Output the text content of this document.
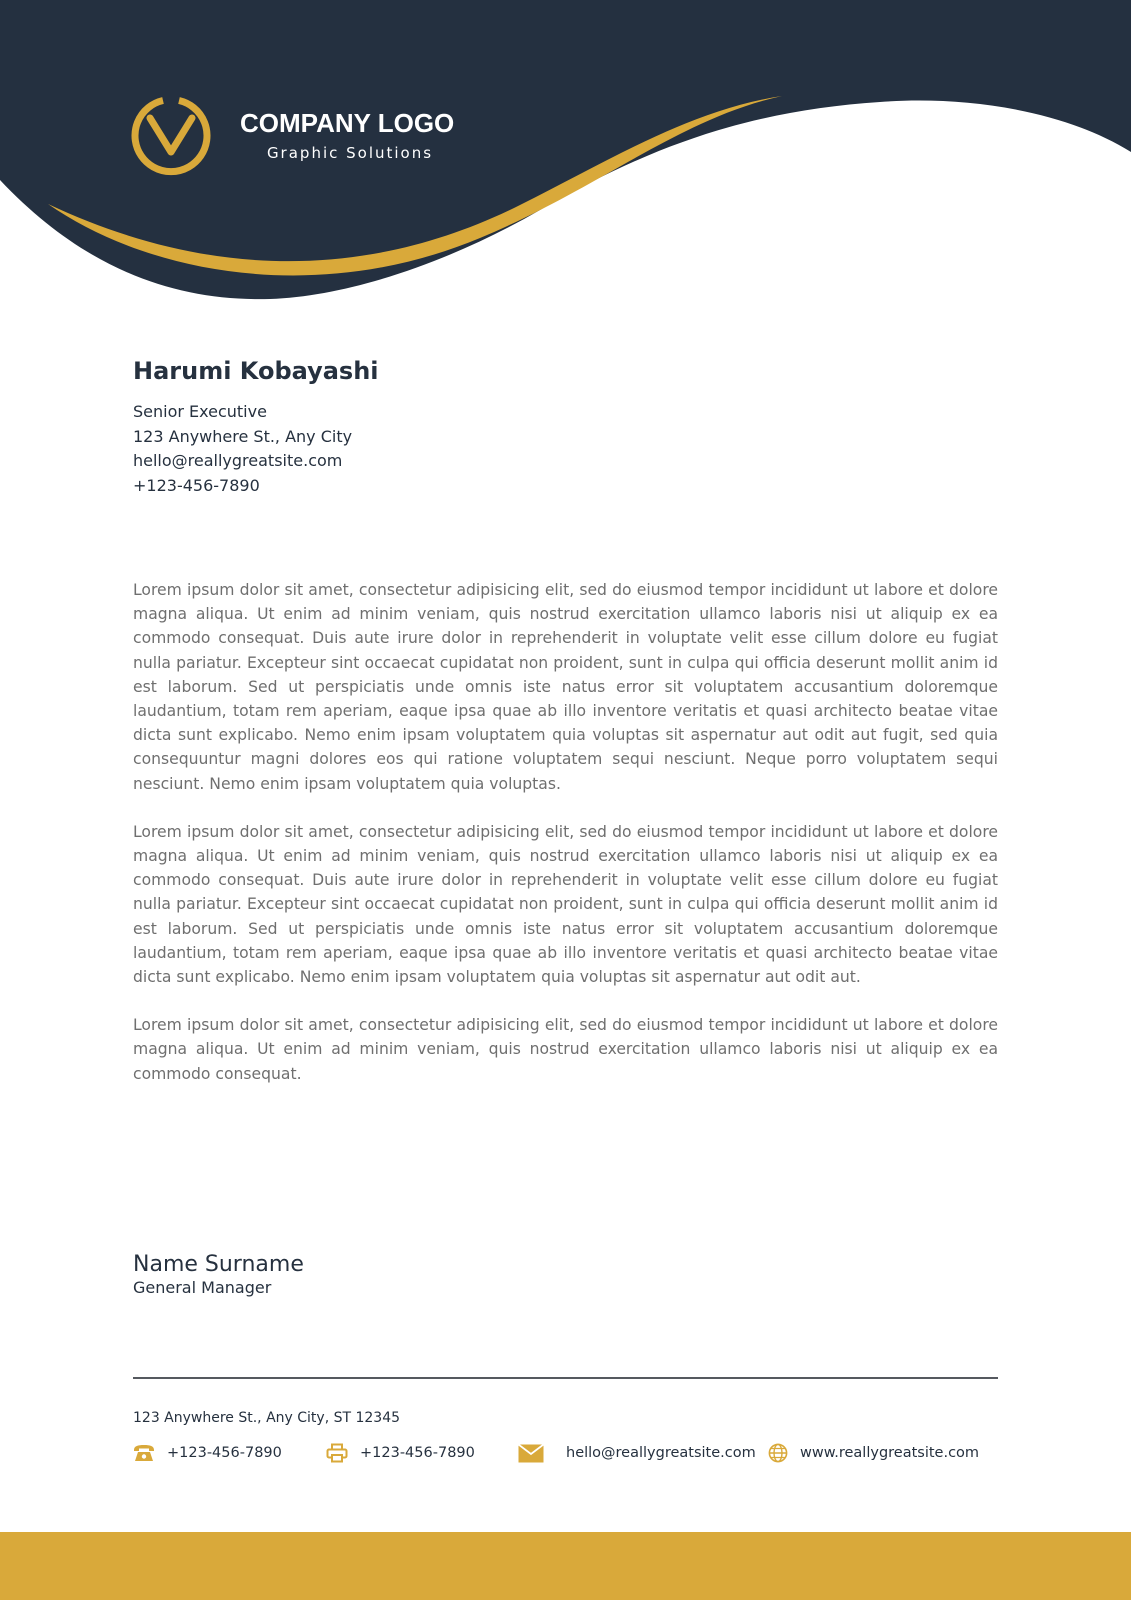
COMPANY LOGO
Graphic Solutions
Harumi Kobayashi
Senior Executive
123 Anywhere St., Any City
hello@reallygreatsite.com
+123-456-7890

Lorem ipsum dolor sit amet, consectetur adipisicing elit, sed do eiusmod tempor incididunt ut labore et dolore magna aliqua. Ut enim ad minim veniam, quis nostrud exercitation ullamco laboris nisi ut aliquip ex ea commodo consequat. Duis aute irure dolor in reprehenderit in voluptate velit esse cillum dolore eu fugiat nulla pariatur. Excepteur sint occaecat cupidatat non proident, sunt in culpa qui officia deserunt mollit anim id est laborum. Sed ut perspiciatis unde omnis iste natus error sit voluptatem accusantium doloremque laudantium, totam rem aperiam, eaque ipsa quae ab illo inventore veritatis et quasi architecto beatae vitae dicta sunt explicabo. Nemo enim ipsam voluptatem quia voluptas sit aspernatur aut odit aut fugit, sed quia consequuntur magni dolores eos qui ratione voluptatem sequi nesciunt. Neque porro voluptatem sequi nesciunt. Nemo enim ipsam voluptatem quia voluptas.

Lorem ipsum dolor sit amet, consectetur adipisicing elit, sed do eiusmod tempor incididunt ut labore et dolore magna aliqua. Ut enim ad minim veniam, quis nostrud exercitation ullamco laboris nisi ut aliquip ex ea commodo consequat. Duis aute irure dolor in reprehenderit in voluptate velit esse cillum dolore eu fugiat nulla pariatur. Excepteur sint occaecat cupidatat non proident, sunt in culpa qui officia deserunt mollit anim id est laborum. Sed ut perspiciatis unde omnis iste natus error sit voluptatem accusantium doloremque laudantium, totam rem aperiam, eaque ipsa quae ab illo inventore veritatis et quasi architecto beatae vitae dicta sunt explicabo. Nemo enim ipsam voluptatem quia voluptas sit aspernatur aut odit aut.

Lorem ipsum dolor sit amet, consectetur adipisicing elit, sed do eiusmod tempor incididunt ut labore et dolore magna aliqua. Ut enim ad minim veniam, quis nostrud exercitation ullamco laboris nisi ut aliquip ex ea commodo consequat.

Name Surname
General Manager
123 Anywhere St., Any City, ST 12345
+123-456-7890	+123-456-7890	hello@reallygreatsite.com	www.reallygreatsite.com
